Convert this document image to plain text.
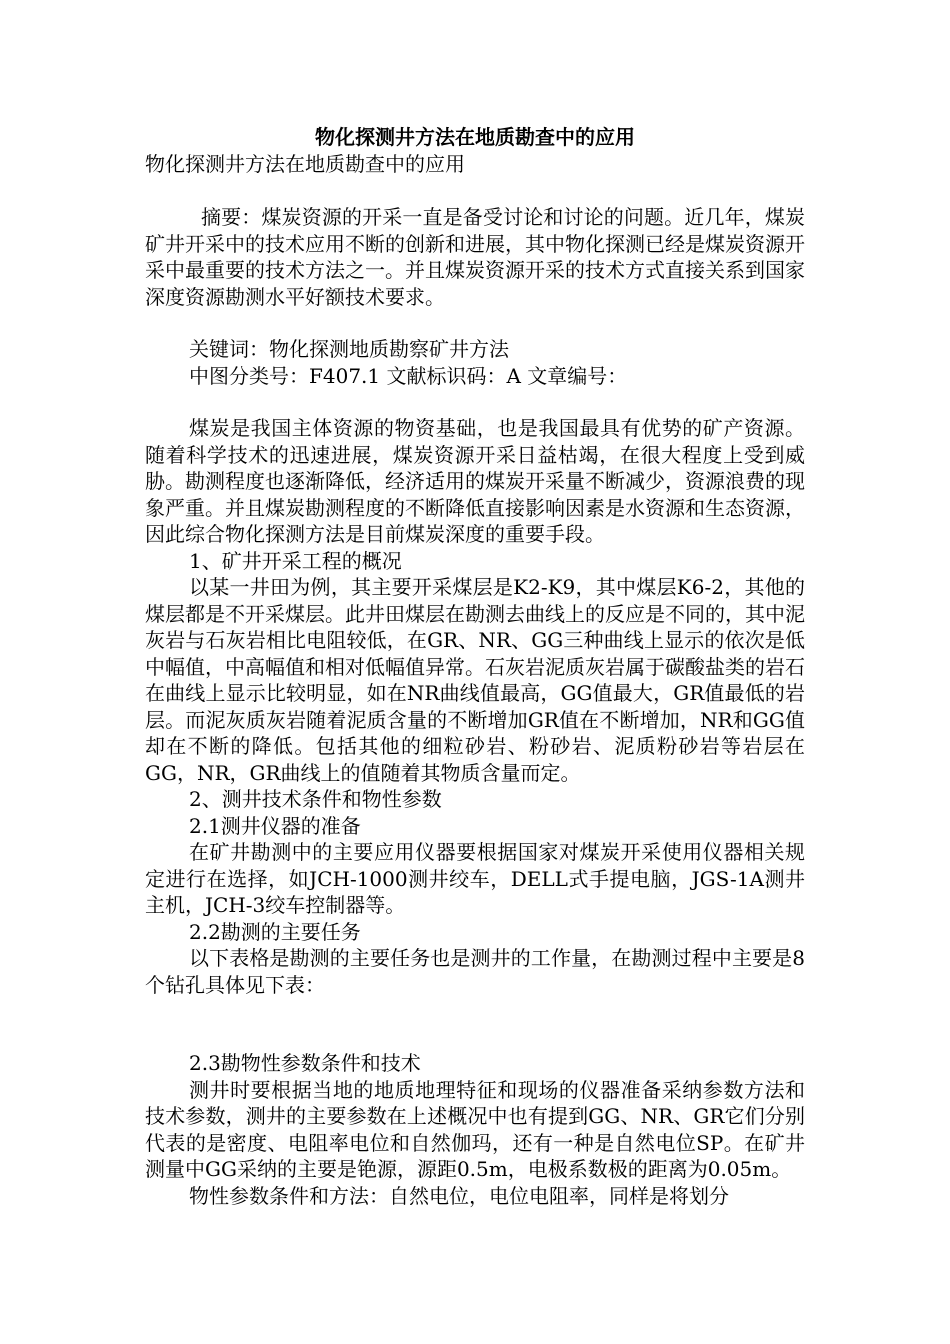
物化探测井方法在地质勘查中的应用
物化探测井方法在地质勘查中的应用

摘要：煤炭资源的开采一直是备受讨论和讨论的问题。近几年，煤炭矿井开采中的技术应用不断的创新和进展，其中物化探测已经是煤炭资源开采中最重要的技术方法之一。并且煤炭资源开采的技术方式直接关系到国家深度资源勘测水平好额技术要求。

关键词：物化探测地质勘察矿井方法
中图分类号：F407.1 文献标识码：A 文章编号：

煤炭是我国主体资源的物资基础，也是我国最具有优势的矿产资源。随着科学技术的迅速进展，煤炭资源开采日益枯竭，在很大程度上受到威胁。勘测程度也逐渐降低，经济适用的煤炭开采量不断减少，资源浪费的现象严重。并且煤炭勘测程度的不断降低直接影响因素是水资源和生态资源，因此综合物化探测方法是目前煤炭深度的重要手段。

1、矿井开采工程的概况

以某一井田为例，其主要开采煤层是K2-K9，其中煤层K6-2，其他的煤层都是不开采煤层。此井田煤层在勘测去曲线上的反应是不同的，其中泥灰岩与石灰岩相比电阻较低，在GR、NR、GG三种曲线上显示的依次是低中幅值，中高幅值和相对低幅值异常。石灰岩泥质灰岩属于碳酸盐类的岩石在曲线上显示比较明显，如在NR曲线值最高，GG值最大，GR值最低的岩层。而泥灰质灰岩随着泥质含量的不断增加GR值在不断增加，NR和GG值却在不断的降低。包括其他的细粒砂岩、粉砂岩、泥质粉砂岩等岩层在GG，NR，GR曲线上的值随着其物质含量而定。

2、测井技术条件和物性参数
2.1测井仪器的准备

在矿井勘测中的主要应用仪器要根据国家对煤炭开采使用仪器相关规定进行在选择，如JCH-1000测井绞车，DELL式手提电脑，JGS-1A测井主机，JCH-3绞车控制器等。

2.2勘测的主要任务

以下表格是勘测的主要任务也是测井的工作量，在勘测过程中主要是8个钻孔具体见下表：

2.3勘物性参数条件和技术

测井时要根据当地的地质地理特征和现场的仪器准备采纳参数方法和技术参数，测井的主要参数在上述概况中也有提到GG、NR、GR它们分别代表的是密度、电阻率电位和自然伽玛，还有一种是自然电位SP。在矿井测量中GG采纳的主要是铯源，源距0.5m，电极系数极的距离为0.05m。

物性参数条件和方法：自然电位，电位电阻率，同样是将划分
